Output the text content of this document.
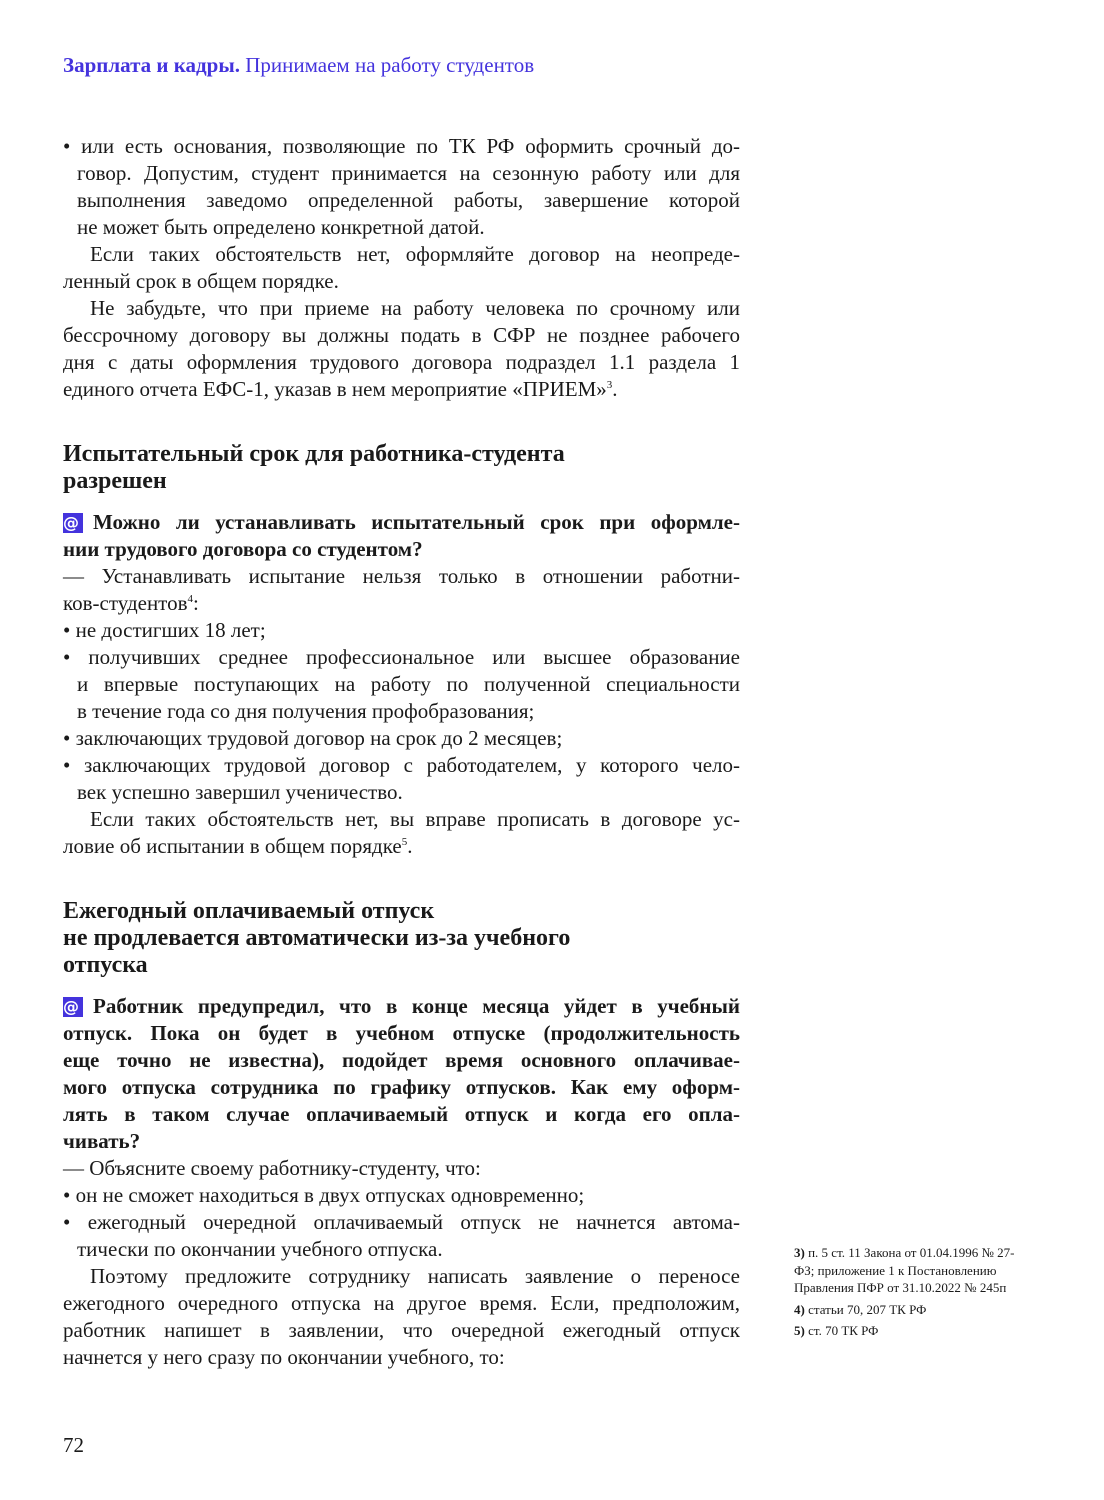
Зарплата и кадры. Принимаем на работу студентов
• или есть основания, позволяющие по ТК РФ оформить срочный до-
говор. Допустим, студент принимается на сезонную работу или для
выполнения заведомо определенной работы, завершение которой
не может быть определено конкретной датой.
Если таких обстоятельств нет, оформляйте договор на неопреде-
ленный срок в общем порядке.
Не забудьте, что при приеме на работу человека по срочному или
бессрочному договору вы должны подать в СФР не позднее рабочего
дня с даты оформления трудового договора подраздел 1.1 раздела 1
единого отчета ЕФС-1, указав в нем мероприятие «ПРИЕМ»$^3$.
Испытательный срок для работника-студента
разрешен
@ Можно ли устанавливать испытательный срок при оформле-
нии трудового договора со студентом?
— Устанавливать испытание нельзя только в отношении работни-
ков-студентов$^4$:
• не достигших 18 лет;
• получивших среднее профессиональное или высшее образование
и впервые поступающих на работу по полученной специальности
в течение года со дня получения профобразования;
• заключающих трудовой договор на срок до 2 месяцев;
• заключающих трудовой договор с работодателем, у которого чело-
век успешно завершил ученичество.
Если таких обстоятельств нет, вы вправе прописать в договоре ус-
ловие об испытании в общем порядке$^5$.
Ежегодный оплачиваемый отпуск
не продлевается автоматически из-за учебного
отпуска
@ Работник предупредил, что в конце месяца уйдет в учебный
отпуск. Пока он будет в учебном отпуске (продолжительность
еще точно не известна), подойдет время основного оплачивае-
мого отпуска сотрудника по графику отпусков. Как ему оформ-
лять в таком случае оплачиваемый отпуск и когда его опла-
чивать?
— Объясните своему работнику-студенту, что:
• он не сможет находиться в двух отпусках одновременно;
• ежегодный очередной оплачиваемый отпуск не начнется автома-
тически по окончании учебного отпуска.
Поэтому предложите сотруднику написать заявление о переносе
ежегодного очередного отпуска на другое время. Если, предположим,
работник напишет в заявлении, что очередной ежегодный отпуск
начнется у него сразу по окончании учебного, то:
3) п. 5 ст. 11 Закона от 01.04.1996 № 27-ФЗ; приложение 1 к Постановлению Правления ПФР от 31.10.2022 № 245п
4) статьи 70, 207 ТК РФ
5) ст. 70 ТК РФ
72
